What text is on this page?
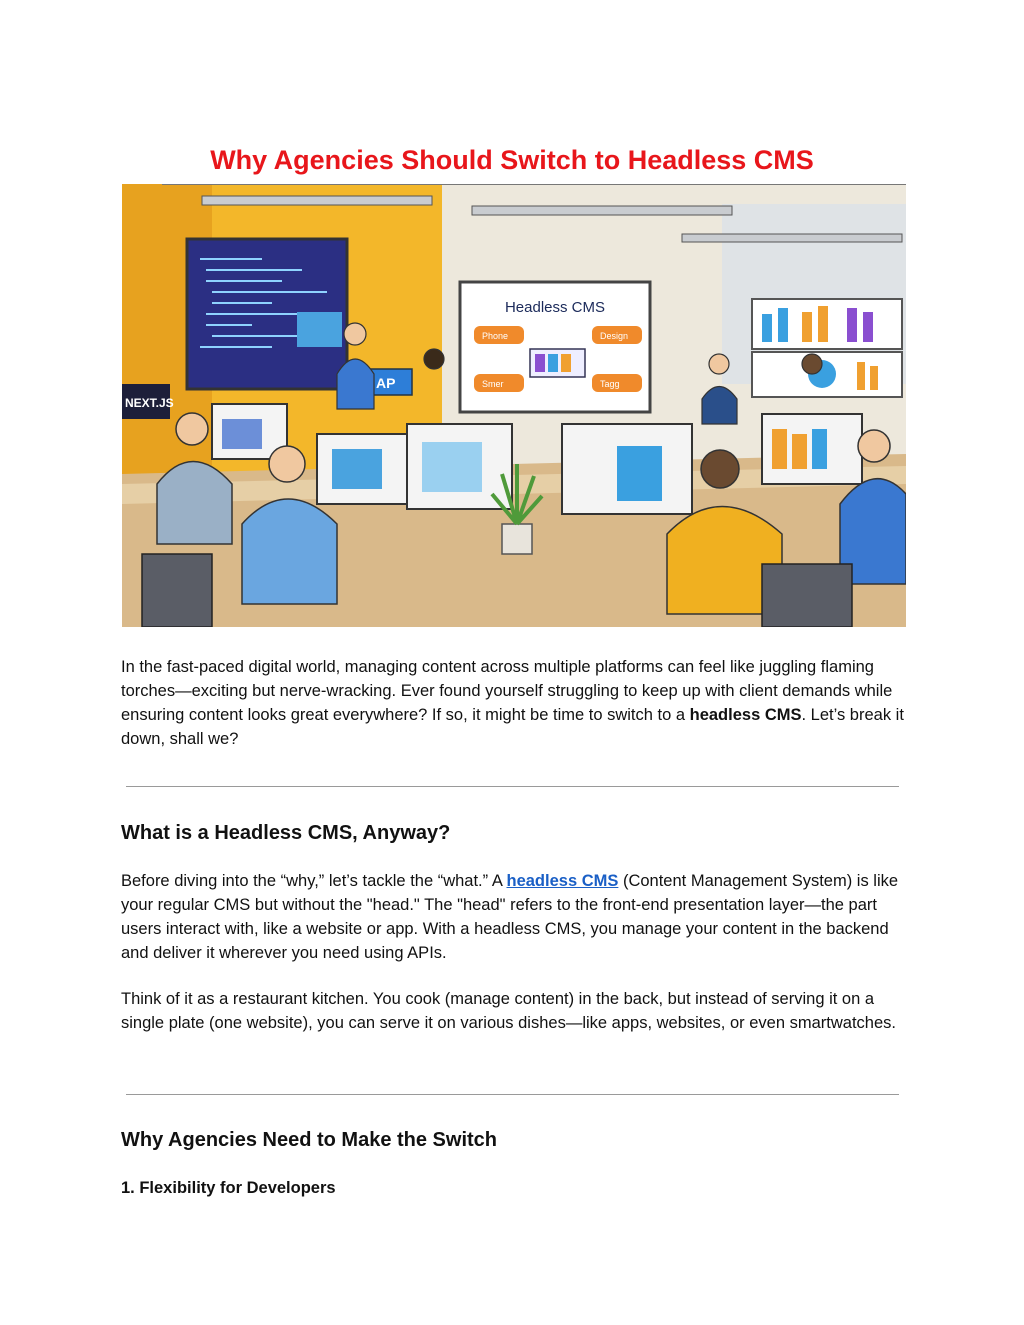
Why Agencies Should Switch to Headless CMS
Headless CMS
Phone	Design
Smer	Tagg
AP
NEXT.JS

In the fast-paced digital world, managing content across multiple platforms can feel like juggling flaming torches—exciting but nerve-wracking. Ever found yourself struggling to keep up with client demands while ensuring content looks great everywhere? If so, it might be time to switch to a headless CMS. Let’s break it down, shall we?

What is a Headless CMS, Anyway?

Before diving into the “why,” let’s tackle the “what.” A headless CMS (Content Management System) is like your regular CMS but without the "head." The "head" refers to the front-end presentation layer—the part users interact with, like a website or app. With a headless CMS, you manage your content in the backend and deliver it wherever you need using APIs.

Think of it as a restaurant kitchen. You cook (manage content) in the back, but instead of serving it on a single plate (one website), you can serve it on various dishes—like apps, websites, or even smartwatches.

Why Agencies Need to Make the Switch
1. Flexibility for Developers
